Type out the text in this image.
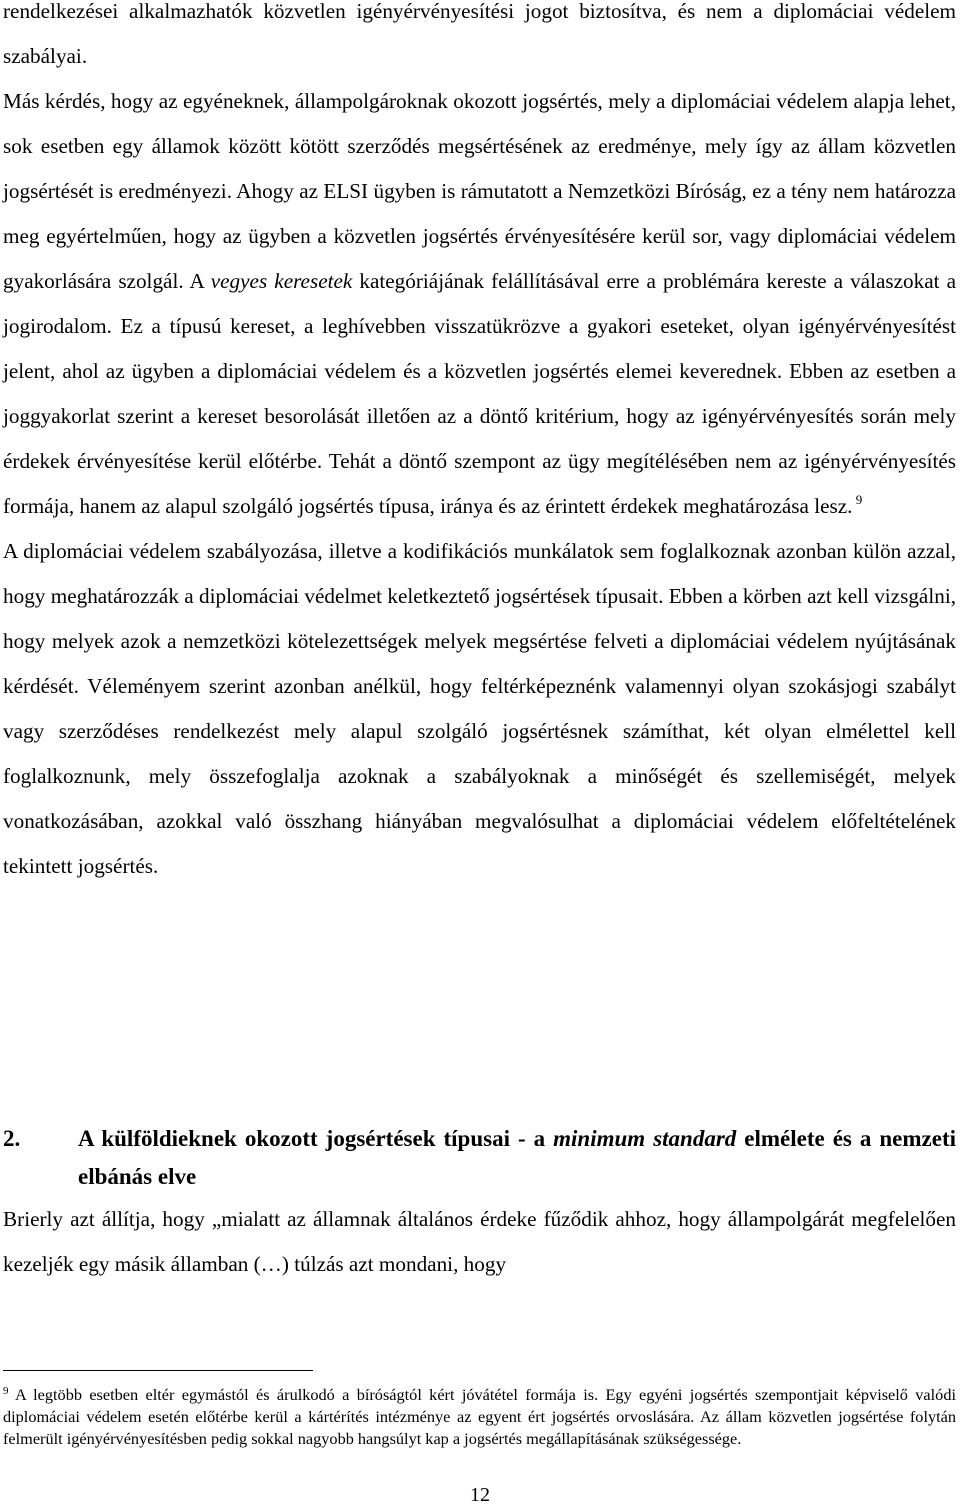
rendelkezései alkalmazhatók közvetlen igényérvényesítési jogot biztosítva, és nem a diplomáciai védelem szabályai.

Más kérdés, hogy az egyéneknek, állampolgároknak okozott jogsértés, mely a diplomáciai védelem alapja lehet, sok esetben egy államok között kötött szerződés megsértésének az eredménye, mely így az állam közvetlen jogsértését is eredményezi. Ahogy az ELSI ügyben is rámutatott a Nemzetközi Bíróság, ez a tény nem határozza meg egyértelműen, hogy az ügyben a közvetlen jogsértés érvényesítésére kerül sor, vagy diplomáciai védelem gyakorlására szolgál. A vegyes keresetek kategóriájának felállításával erre a problémára kereste a válaszokat a jogirodalom. Ez a típusú kereset, a leghívebben visszatükrözve a gyakori eseteket, olyan igényérvényesítést jelent, ahol az ügyben a diplomáciai védelem és a közvetlen jogsértés elemei keverednek. Ebben az esetben a joggyakorlat szerint a kereset besorolását illetően az a döntő kritérium, hogy az igényérvényesítés során mely érdekek érvényesítése kerül előtérbe. Tehát a döntő szempont az ügy megítélésében nem az igényérvényesítés formája, hanem az alapul szolgáló jogsértés típusa, iránya és az érintett érdekek meghatározása lesz. $^9$

A diplomáciai védelem szabályozása, illetve a kodifikációs munkálatok sem foglalkoznak azonban külön azzal, hogy meghatározzák a diplomáciai védelmet keletkeztető jogsértések típusait. Ebben a körben azt kell vizsgálni, hogy melyek azok a nemzetközi kötelezettségek melyek megsértése felveti a diplomáciai védelem nyújtásának kérdését. Véleményem szerint azonban anélkül, hogy feltérképeznénk valamennyi olyan szokásjogi szabályt vagy szerződéses rendelkezést mely alapul szolgáló jogsértésnek számíthat, két olyan elmélettel kell foglalkoznunk, mely összefoglalja azoknak a szabályoknak a minőségét és szellemiségét, melyek vonatkozásában, azokkal való összhang hiányában megvalósulhat a diplomáciai védelem előfeltételének tekintett jogsértés.

2.	A külföldieknek okozott jogsértések típusai - a minimum standard elmélete és a nemzeti elbánás elve

Brierly azt állítja, hogy „mialatt az államnak általános érdeke fűződik ahhoz, hogy állampolgárát megfelelően kezeljék egy másik államban (…) túlzás azt mondani, hogy

$^9$ A legtöbb esetben eltér egymástól és árulkodó a bíróságtól kért jóvátétel formája is. Egy egyéni jogsértés szempontjait képviselő valódi diplomáciai védelem esetén előtérbe kerül a kártérítés intézménye az egyent ért jogsértés orvoslására. Az állam közvetlen jogsértése folytán felmerült igényérvényesítésben pedig sokkal nagyobb hangsúlyt kap a jogsértés megállapításának szükségessége.

12
